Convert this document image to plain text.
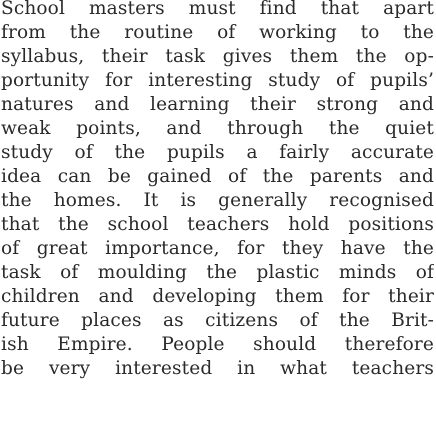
School masters must find that apart
from the routine of working to the
syllabus, their task gives them the op-
portunity for interesting study of pupils’
natures and learning their strong and
weak points, and through the quiet
study of the pupils a fairly accurate
idea can be gained of the parents and
the homes. It is generally recognised
that the school teachers hold positions
of great importance, for they have the
task of moulding the plastic minds of
children and developing them for their
future places as citizens of the Brit-
ish Empire. People should therefore
be very interested in what teachers
